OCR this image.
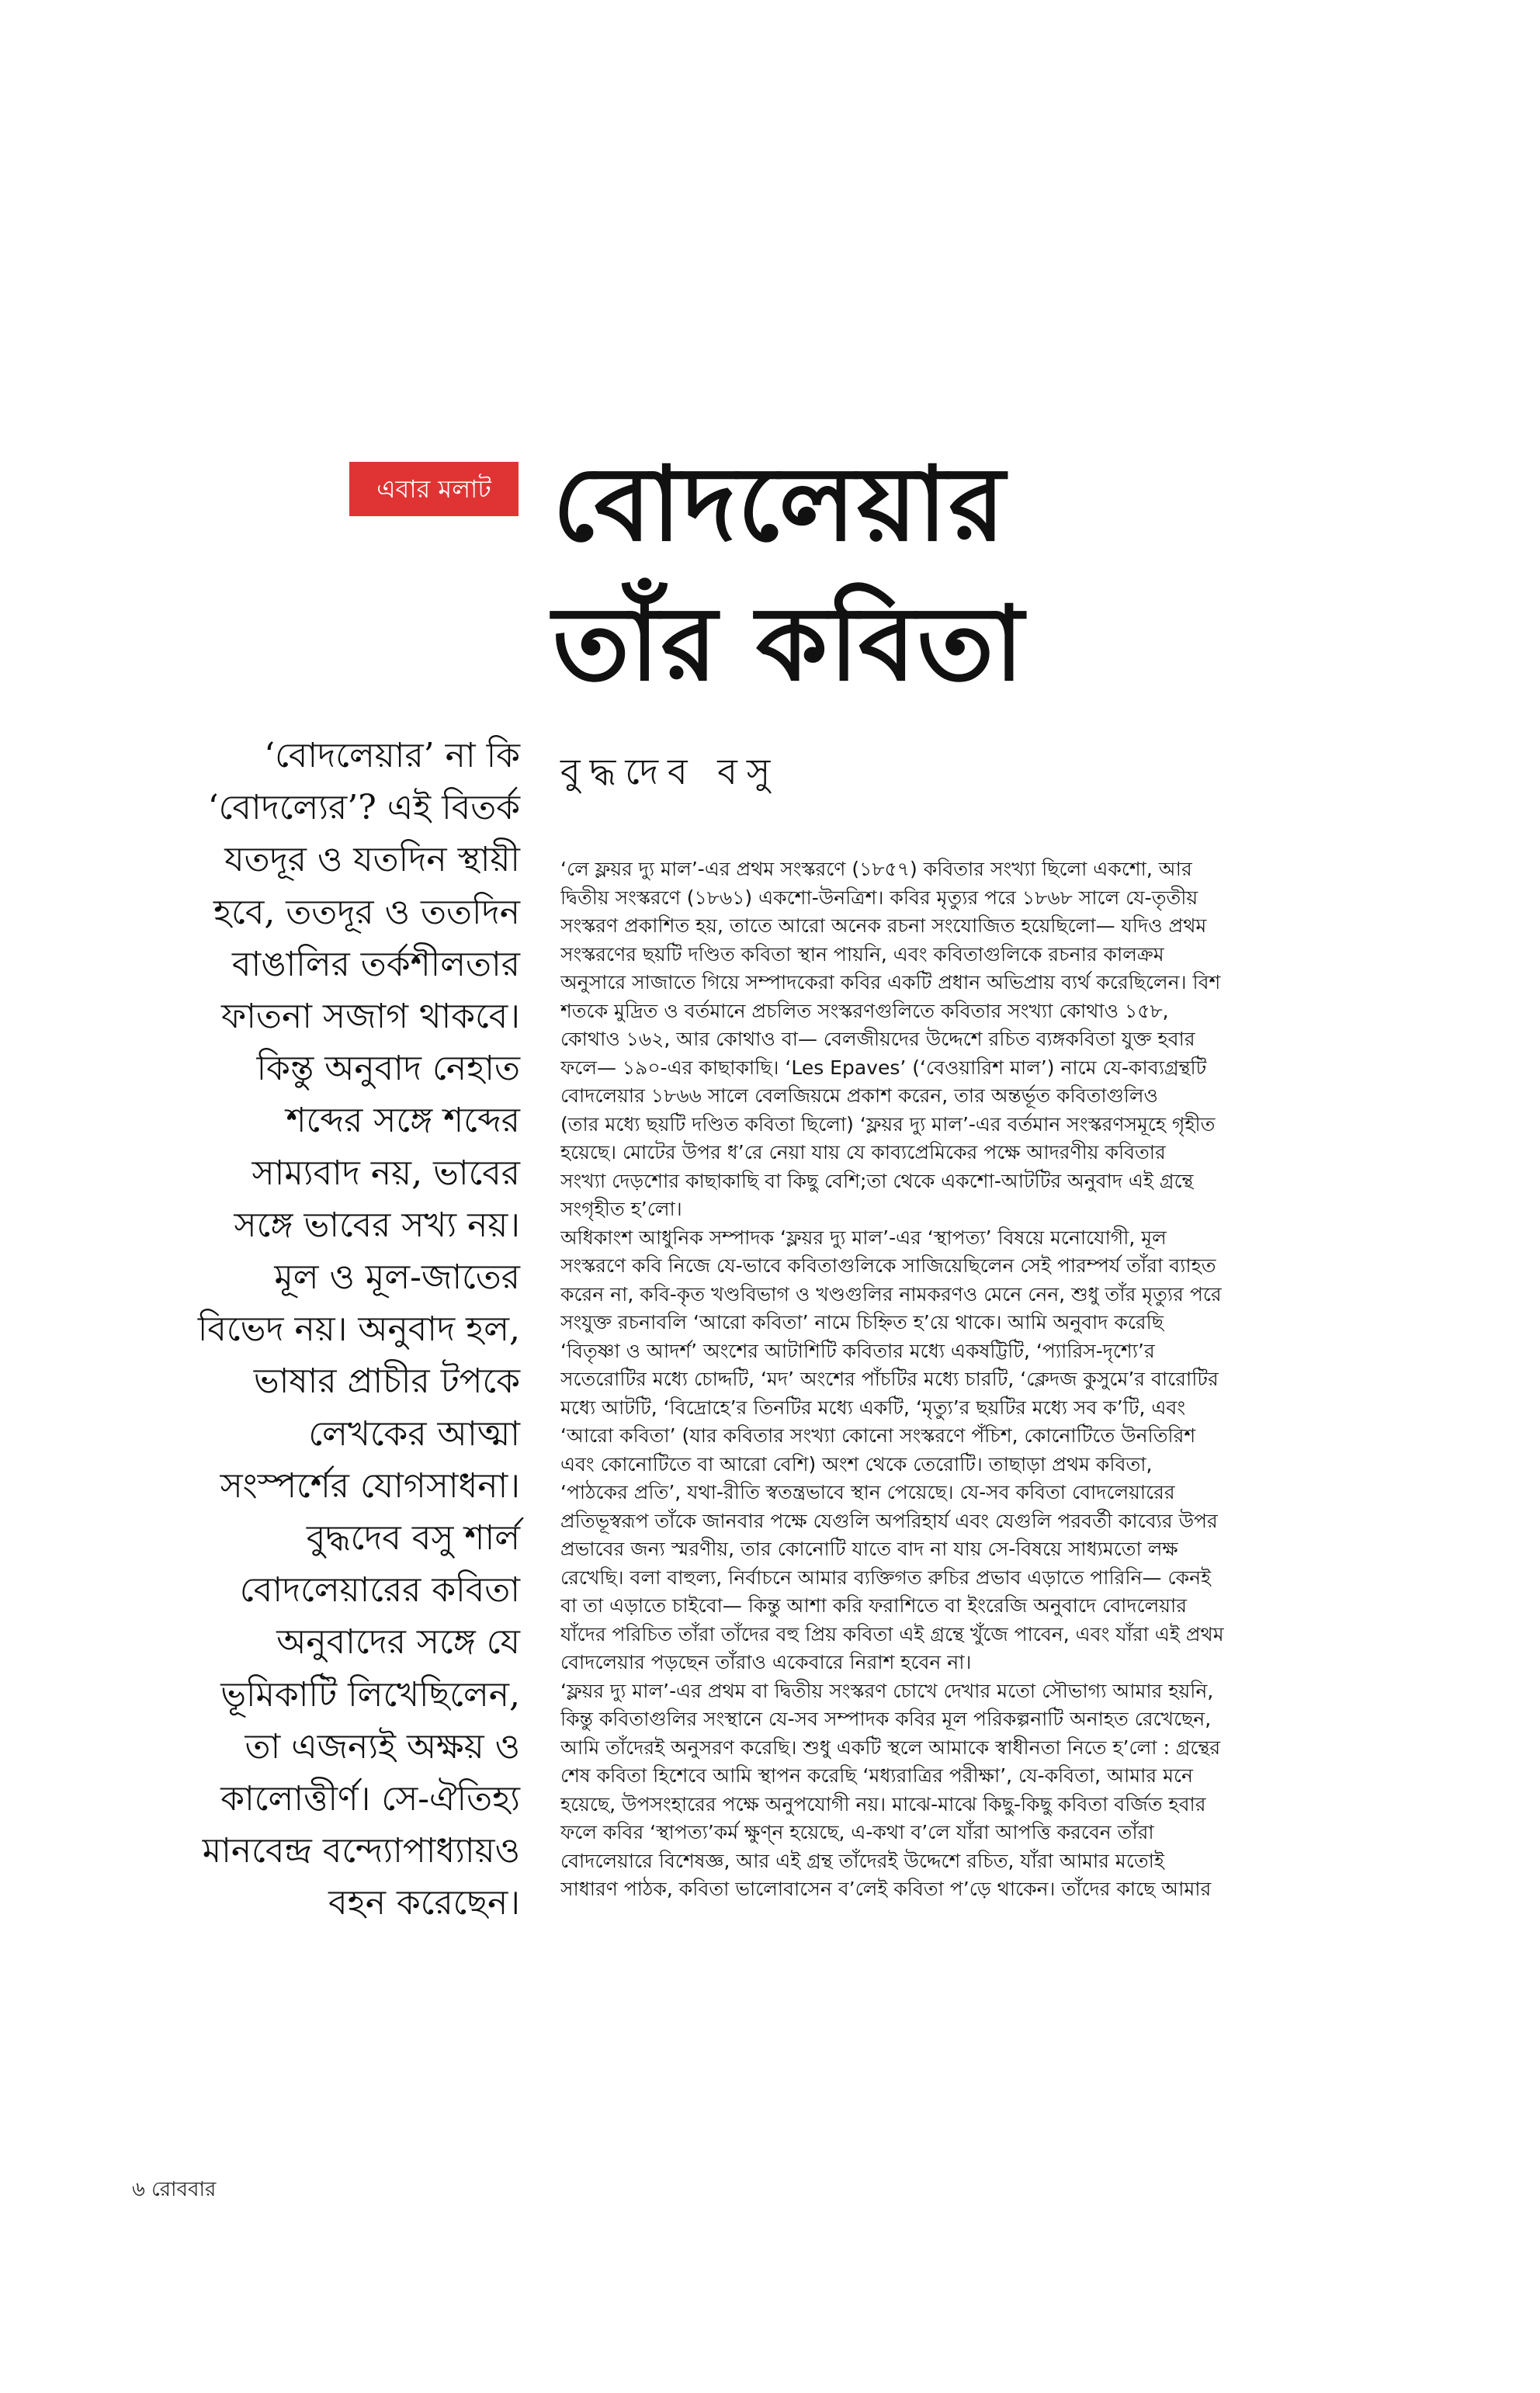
এবার মলাট বোদলেয়ার
তাঁর কবিতা
বুদ্ধদেব বসু
‘বোদলেয়ার’ না কি
‘বোদল্যের’? এই বিতর্ক
যতদূর ও যতদিন স্থায়ী
হবে, ততদূর ও ততদিন
বাঙালির তর্কশীলতার
ফাতনা সজাগ থাকবে।
কিন্তু অনুবাদ নেহাত
শব্দের সঙ্গে শব্দের
সাম্যবাদ নয়, ভাবের
সঙ্গে ভাবের সখ্য নয়।
মূল ও মূল-জাতের
বিভেদ নয়। অনুবাদ হল,
ভাষার প্রাচীর টপকে
লেখকের আত্মা
সংস্পর্শের যোগসাধনা।
বুদ্ধদেব বসু শার্ল
বোদলেয়ারের কবিতা
অনুবাদের সঙ্গে যে
ভূমিকাটি লিখেছিলেন,
তা এজন্যই অক্ষয় ও
কালোত্তীর্ণ। সে-ঐতিহ্য
মানবেন্দ্র বন্দ্যোপাধ্যায়ও
বহন করেছেন।
‘লে ফ্লয়র দ্যু মাল’-এর প্রথম সংস্করণে (১৮৫৭) কবিতার সংখ্যা ছিলো একশো, আর
দ্বিতীয় সংস্করণে (১৮৬১) একশো-উনত্রিশ। কবির মৃত্যুর পরে ১৮৬৮ সালে যে-তৃতীয়
সংস্করণ প্রকাশিত হয়, তাতে আরো অনেক রচনা সংযোজিত হয়েছিলো— যদিও প্রথম
সংস্করণের ছয়টি দণ্ডিত কবিতা স্থান পায়নি, এবং কবিতাগুলিকে রচনার কালক্রম
অনুসারে সাজাতে গিয়ে সম্পাদকেরা কবির একটি প্রধান অভিপ্রায় ব্যর্থ করেছিলেন। বিশ
শতকে মুদ্রিত ও বর্তমানে প্রচলিত সংস্করণগুলিতে কবিতার সংখ্যা কোথাও ১৫৮,
কোথাও ১৬২, আর কোথাও বা— বেলজীয়দের উদ্দেশে রচিত ব্যঙ্গকবিতা যুক্ত হবার
ফলে— ১৯০-এর কাছাকাছি। ‘Les Epaves’ (‘বেওয়ারিশ মাল’) নামে যে-কাব্যগ্রন্থটি
বোদলেয়ার ১৮৬৬ সালে বেলজিয়মে প্রকাশ করেন, তার অন্তর্ভূত কবিতাগুলিও
(তার মধ্যে ছয়টি দণ্ডিত কবিতা ছিলো) ‘ফ্লয়র দ্যু মাল’-এর বর্তমান সংস্করণসমূহে গৃহীত
হয়েছে। মোটের উপর ধ’রে নেয়া যায় যে কাব্যপ্রেমিকের পক্ষে আদরণীয় কবিতার
সংখ্যা দেড়শোর কাছাকাছি বা কিছু বেশি;তা থেকে একশো-আটটির অনুবাদ এই গ্রন্থে
সংগৃহীত হ’লো।
অধিকাংশ আধুনিক সম্পাদক ‘ফ্লয়র দ্যু মাল’-এর ‘স্থাপত্য’ বিষয়ে মনোযোগী, মূল
সংস্করণে কবি নিজে যে-ভাবে কবিতাগুলিকে সাজিয়েছিলেন সেই পারম্পর্য তাঁরা ব্যাহত
করেন না, কবি-কৃত খণ্ডবিভাগ ও খণ্ডগুলির নামকরণও মেনে নেন, শুধু তাঁর মৃত্যুর পরে
সংযুক্ত রচনাবলি ‘আরো কবিতা’ নামে চিহ্নিত হ’য়ে থাকে। আমি অনুবাদ করেছি
‘বিতৃষ্ণা ও আদর্শ’ অংশের আটাশিটি কবিতার মধ্যে একষট্টিটি, ‘প্যারিস-দৃশ্যে’র
সতেরোটির মধ্যে চোদ্দটি, ‘মদ’ অংশের পাঁচটির মধ্যে চারটি, ‘ক্লেদজ কুসুমে’র বারোটির
মধ্যে আটটি, ‘বিদ্রোহে’র তিনটির মধ্যে একটি, ‘মৃত্যু’র ছয়টির মধ্যে সব ক’টি, এবং
‘আরো কবিতা’ (যার কবিতার সংখ্যা কোনো সংস্করণে পঁচিশ, কোনোটিতে উনতিরিশ
এবং কোনোটিতে বা আরো বেশি) অংশ থেকে তেরোটি। তাছাড়া প্রথম কবিতা,
‘পাঠকের প্রতি’, যথা-রীতি স্বতন্ত্রভাবে স্থান পেয়েছে। যে-সব কবিতা বোদলেয়ারের
প্রতিভূস্বরূপ তাঁকে জানবার পক্ষে যেগুলি অপরিহার্য এবং যেগুলি পরবর্তী কাব্যের উপর
প্রভাবের জন্য স্মরণীয়, তার কোনোটি যাতে বাদ না যায় সে-বিষয়ে সাধ্যমতো লক্ষ
রেখেছি। বলা বাহুল্য, নির্বাচনে আমার ব্যক্তিগত রুচির প্রভাব এড়াতে পারিনি— কেনই
বা তা এড়াতে চাইবো— কিন্তু আশা করি ফরাশিতে বা ইংরেজি অনুবাদে বোদলেয়ার
যাঁদের পরিচিত তাঁরা তাঁদের বহু প্রিয় কবিতা এই গ্রন্থে খুঁজে পাবেন, এবং যাঁরা এই প্রথম
বোদলেয়ার পড়ছেন তাঁরাও একেবারে নিরাশ হবেন না।
‘ফ্লয়র দ্যু মাল’-এর প্রথম বা দ্বিতীয় সংস্করণ চোখে দেখার মতো সৌভাগ্য আমার হয়নি,
কিন্তু কবিতাগুলির সংস্থানে যে-সব সম্পাদক কবির মূল পরিকল্পনাটি অনাহত রেখেছেন,
আমি তাঁদেরই অনুসরণ করেছি। শুধু একটি স্থলে আমাকে স্বাধীনতা নিতে হ’লো : গ্রন্থের
শেষ কবিতা হিশেবে আমি স্থাপন করেছি ‘মধ্যরাত্রির পরীক্ষা’, যে-কবিতা, আমার মনে
হয়েছে, উপসংহারের পক্ষে অনুপযোগী নয়। মাঝে-মাঝে কিছু-কিছু কবিতা বর্জিত হবার
ফলে কবির ‘স্থাপত্য’কর্ম ক্ষুণ্ন হয়েছে, এ-কথা ব’লে যাঁরা আপত্তি করবেন তাঁরা
বোদলেয়ারে বিশেষজ্ঞ, আর এই গ্রন্থ তাঁদেরই উদ্দেশে রচিত, যাঁরা আমার মতোই
সাধারণ পাঠক, কবিতা ভালোবাসেন ব’লেই কবিতা প’ড়ে থাকেন। তাঁদের কাছে আমার
৬ রোববার
